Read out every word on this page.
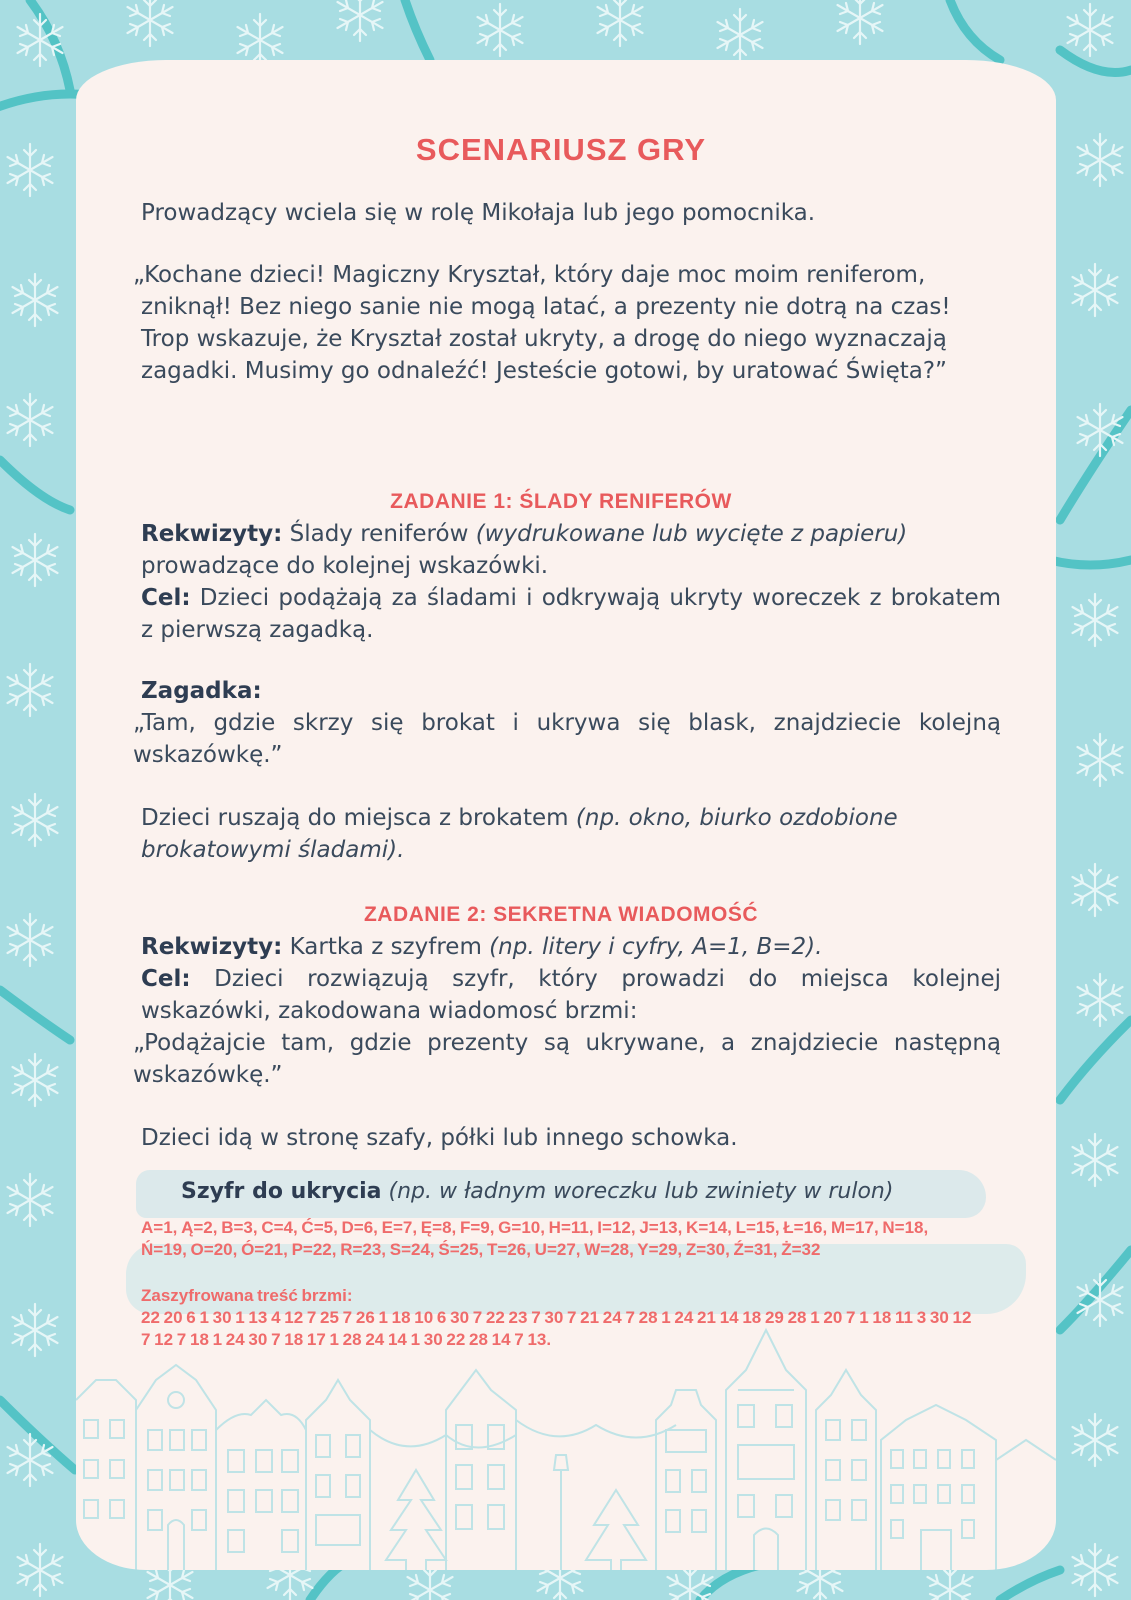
SCENARIUSZ GRY

Prowadzący wciela się w rolę Mikołaja lub jego pomocnika.

„Kochane dzieci! Magiczny Kryształ, który daje moc moim reniferom,

zniknął! Bez niego sanie nie mogą latać, a prezenty nie dotrą na czas!

Trop wskazuje, że Kryształ został ukryty, a drogę do niego wyznaczają

zagadki. Musimy go odnaleźć! Jesteście gotowi, by uratować Święta?”

ZADANIE 1: ŚLADY RENIFERÓW

Rekwizyty: Ślady reniferów (wydrukowane lub wycięte z papieru)
prowadzące do kolejnej wskazówki.

Cel: Dzieci podążają za śladami i odkrywają ukryty woreczek z brokatem z pierwszą zagadką.

Zagadka:

„Tam, gdzie skrzy się brokat i ukrywa się blask, znajdziecie kolejną wskazówkę.”

Dzieci ruszają do miejsca z brokatem (np. okno, biurko ozdobione brokatowymi śladami).

ZADANIE 2: SEKRETNA WIADOMOŚĆ

Rekwizyty: Kartka z szyfrem (np. litery i cyfry, A=1, B=2).

Cel: Dzieci rozwiązują szyfr, który prowadzi do miejsca kolejnej wskazówki, zakodowana wiadomosć brzmi:

„Podążajcie tam, gdzie prezenty są ukrywane, a znajdziecie następną wskazówkę.”

Dzieci idą w stronę szafy, półki lub innego schowka.

Szyfr do ukrycia (np. w ładnym woreczku lub zwiniety w rulon)
A=1, Ą=2, B=3, C=4, Ć=5, D=6, E=7, Ę=8, F=9, G=10, H=11, I=12, J=13, K=14, L=15, Ł=16, M=17, N=18,
Ń=19, O=20, Ó=21, P=22, R=23, S=24, Ś=25, T=26, U=27, W=28, Y=29, Z=30, Ź=31, Ż=32
Zaszyfrowana treść brzmi:
22 20 6 1 30 1 13 4 12 7 25 7 26 1 18 10 6 30 7 22 23 7 30 7 21 24 7 28 1 24 21 14 18 29 28 1 20 7 1 18 11 3 30 12
7 12 7 18 1 24 30 7 18 17 1 28 24 14 1 30 22 28 14 7 13.
